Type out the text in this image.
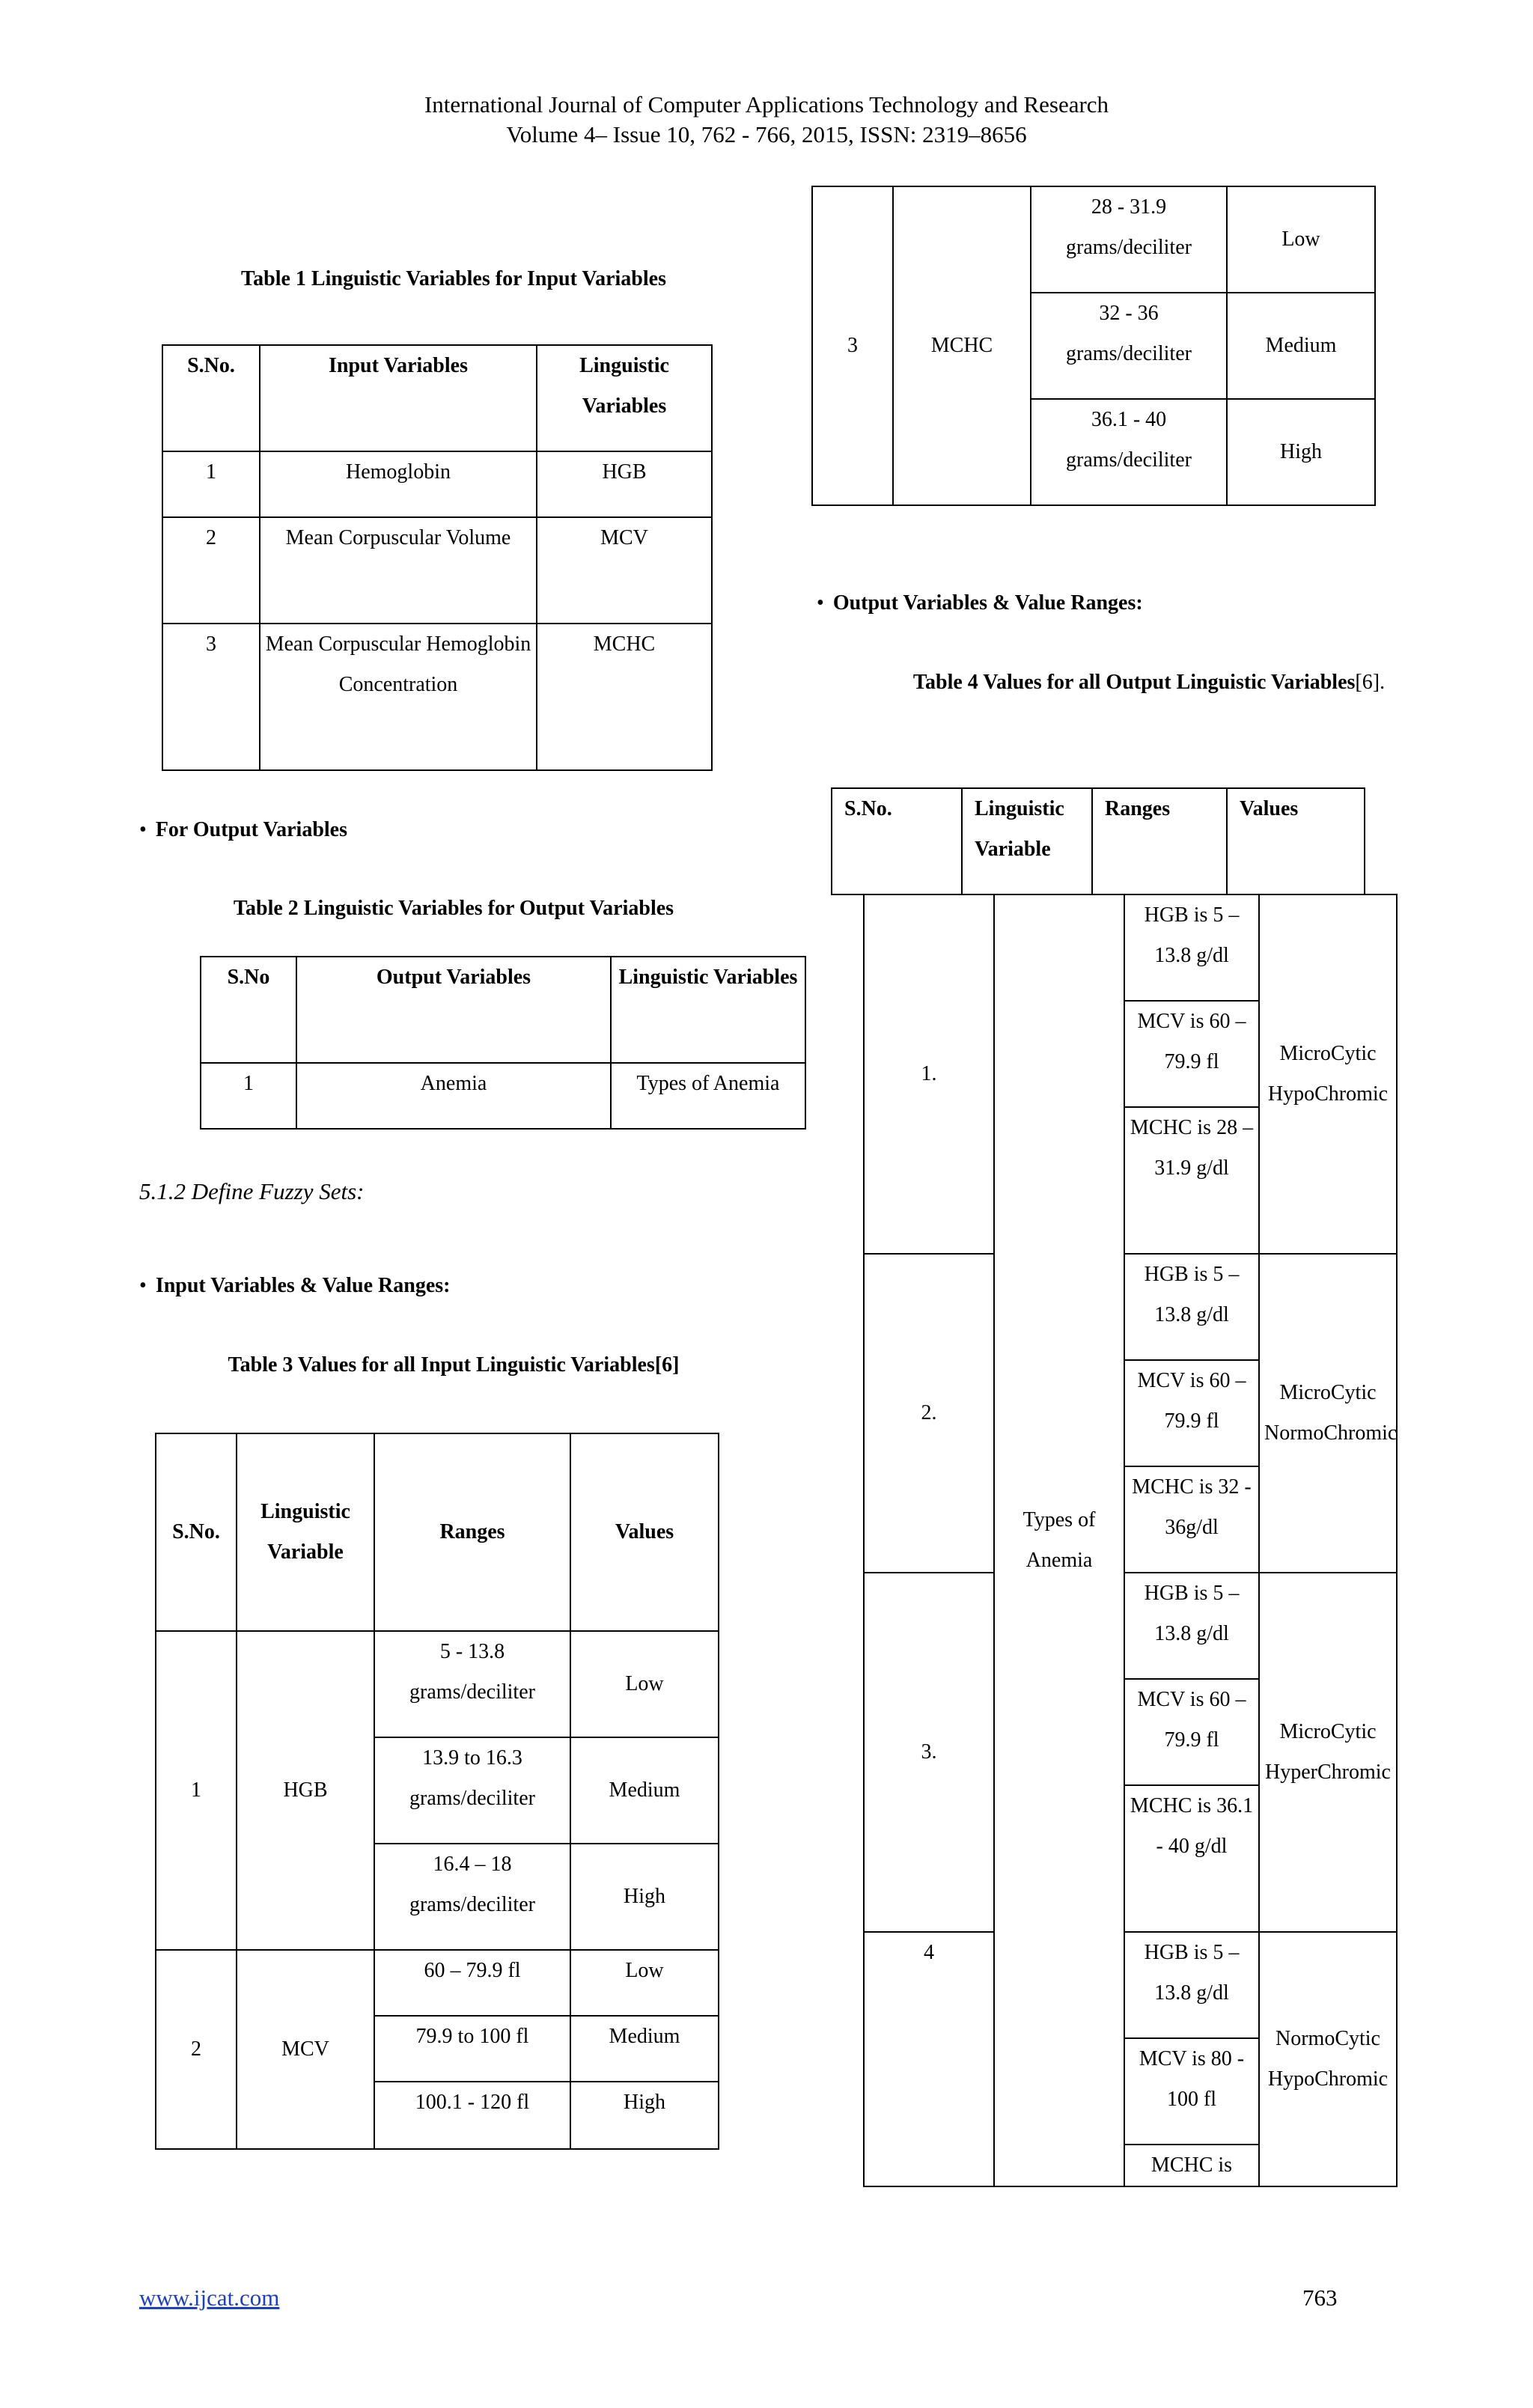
International Journal of Computer Applications Technology and Research
Volume 4– Issue 10, 762 - 766, 2015, ISSN: 2319–8656
Table 1 Linguistic Variables for Input Variables
S.No.	Input Variables	Linguistic Variables
1	Hemoglobin	HGB
2	Mean Corpuscular Volume	MCV
3	Mean Corpuscular Hemoglobin Concentration	MCHC
• For Output Variables
Table 2 Linguistic Variables for Output Variables
S.No	Output Variables	Linguistic Variables
1	Anemia	Types of Anemia
5.1.2 Define Fuzzy Sets:
• Input Variables & Value Ranges:
Table 3 Values for all Input Linguistic Variables[6]
S.No.	Linguistic Variable	Ranges	Values
1	HGB	5 - 13.8 grams/deciliter	Low
		13.9 to 16.3 grams/deciliter	Medium
		16.4 – 18 grams/deciliter	High
2	MCV	60 – 79.9 fl	Low
		79.9 to 100 fl	Medium
		100.1 - 120 fl	High
3	MCHC	28 - 31.9 grams/deciliter	Low
		32 - 36 grams/deciliter	Medium
		36.1 - 40 grams/deciliter	High
• Output Variables & Value Ranges:
Table 4 Values for all Output Linguistic Variables[6].
S.No.	Linguistic Variable	Ranges	Values
1.	Types of Anemia	HGB is 5 – 13.8 g/dl	MicroCytic HypoChromic
		MCV is 60 – 79.9 fl	
		MCHC is 28 – 31.9 g/dl	
2.		HGB is 5 – 13.8 g/dl	MicroCytic NormoChromic
		MCV is 60 – 79.9 fl	
		MCHC is 32 - 36g/dl	
3.		HGB is 5 – 13.8 g/dl	MicroCytic HyperChromic
		MCV is 60 – 79.9 fl	
		MCHC is 36.1 - 40 g/dl	
4		HGB is 5 – 13.8 g/dl	NormoCytic HypoChromic
		MCV is 80 - 100 fl	
		MCHC is	
www.ijcat.com	763
